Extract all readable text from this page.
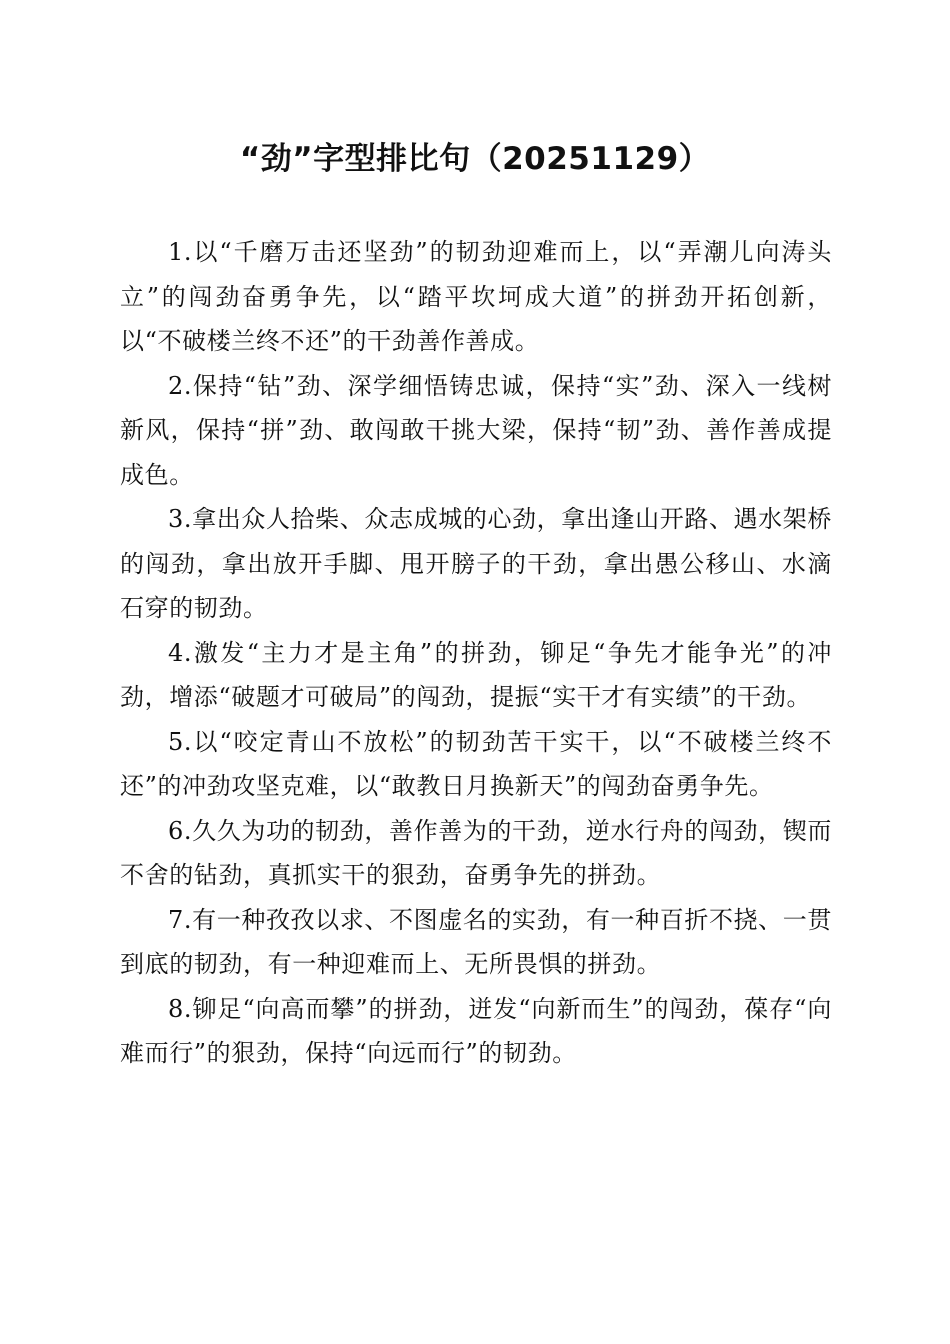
“劲”字型排比句（20251129）

1.以“千磨万击还坚劲”的韧劲迎难而上，以“弄潮儿向涛头立”的闯劲奋勇争先，以“踏平坎坷成大道”的拼劲开拓创新，以“不破楼兰终不还”的干劲善作善成。

2.保持“钻”劲、深学细悟铸忠诚，保持“实”劲、深入一线树新风，保持“拼”劲、敢闯敢干挑大梁，保持“韧”劲、善作善成提成色。

3.拿出众人拾柴、众志成城的心劲，拿出逢山开路、遇水架桥的闯劲，拿出放开手脚、甩开膀子的干劲，拿出愚公移山、水滴石穿的韧劲。

4.激发“主力才是主角”的拼劲，铆足“争先才能争光”的冲劲，增添“破题才可破局”的闯劲，提振“实干才有实绩”的干劲。

5.以“咬定青山不放松”的韧劲苦干实干，以“不破楼兰终不还”的冲劲攻坚克难，以“敢教日月换新天”的闯劲奋勇争先。

6.久久为功的韧劲，善作善为的干劲，逆水行舟的闯劲，锲而不舍的钻劲，真抓实干的狠劲，奋勇争先的拼劲。

7.有一种孜孜以求、不图虚名的实劲，有一种百折不挠、一贯到底的韧劲，有一种迎难而上、无所畏惧的拼劲。

8.铆足“向高而攀”的拼劲，迸发“向新而生”的闯劲，葆存“向难而行”的狠劲，保持“向远而行”的韧劲。
